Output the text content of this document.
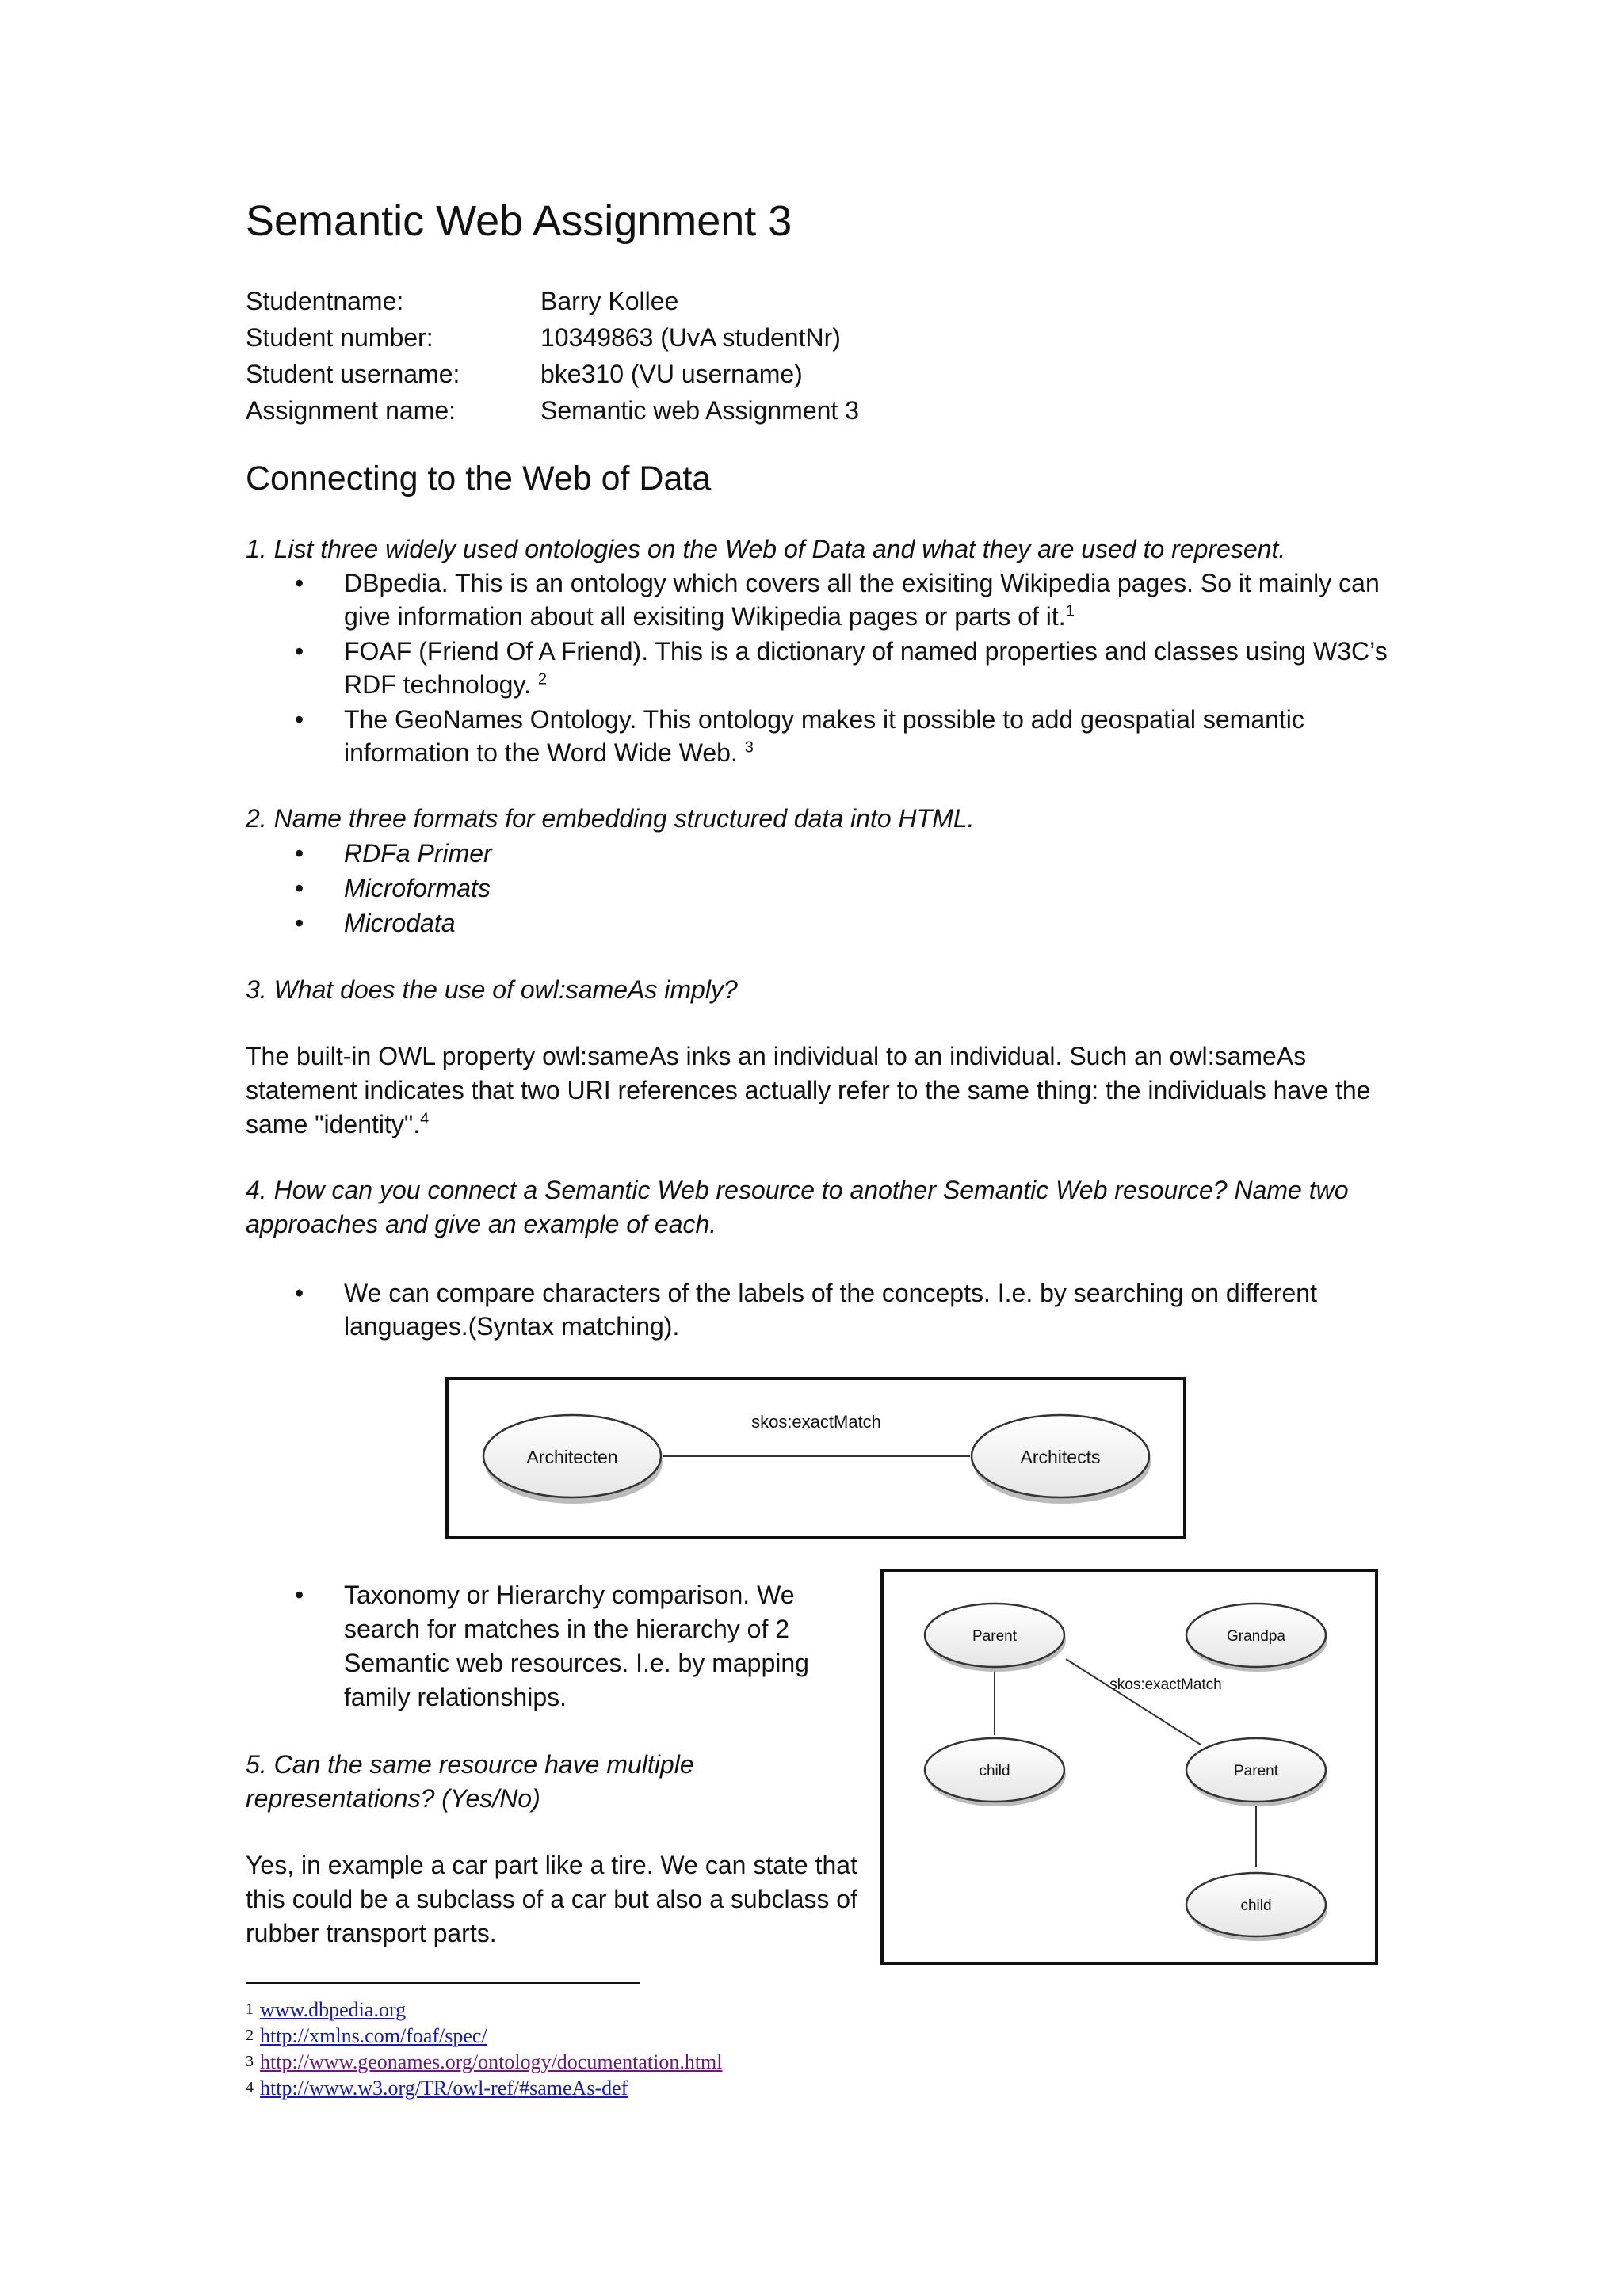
Semantic Web Assignment 3
Studentname:	Barry Kollee
Student number:	10349863 (UvA studentNr)
Student username:	bke310 (VU username)
Assignment name:	Semantic web Assignment 3
Connecting to the Web of Data
1. List three widely used ontologies on the Web of Data and what they are used to represent.
• DBpedia. This is an ontology which covers all the exisiting Wikipedia pages. So it mainly can
give information about all exisiting Wikipedia pages or parts of it.$^1$
• FOAF (Friend Of A Friend). This is a dictionary of named properties and classes using W3C’s
RDF technology. $^2$
• The GeoNames Ontology. This ontology makes it possible to add geospatial semantic
information to the Word Wide Web. $^3$
2. Name three formats for embedding structured data into HTML.
• RDFa Primer
• Microformats
• Microdata
3. What does the use of owl:sameAs imply?
The built-in OWL property owl:sameAs inks an individual to an individual. Such an owl:sameAs
statement indicates that two URI references actually refer to the same thing: the individuals have the
same "identity".$^4$
4. How can you connect a Semantic Web resource to another Semantic Web resource? Name two
approaches and give an example of each.
• We can compare characters of the labels of the concepts. I.e. by searching on different
languages.(Syntax matching).
Architecten	Architects
skos:exactMatch
• Taxonomy or Hierarchy comparison. We
search for matches in the hierarchy of 2
Semantic web resources. I.e. by mapping
family relationships.
Parent	Grandpa
child	Parent
child
skos:exactMatch
5. Can the same resource have multiple
representations? (Yes/No)
Yes, in example a car part like a tire. We can state that
this could be a subclass of a car but also a subclass of
rubber transport parts.
1 www.dbpedia.org
2 http://xmlns.com/foaf/spec/
3 http://www.geonames.org/ontology/documentation.html
4 http://www.w3.org/TR/owl-ref/#sameAs-def
